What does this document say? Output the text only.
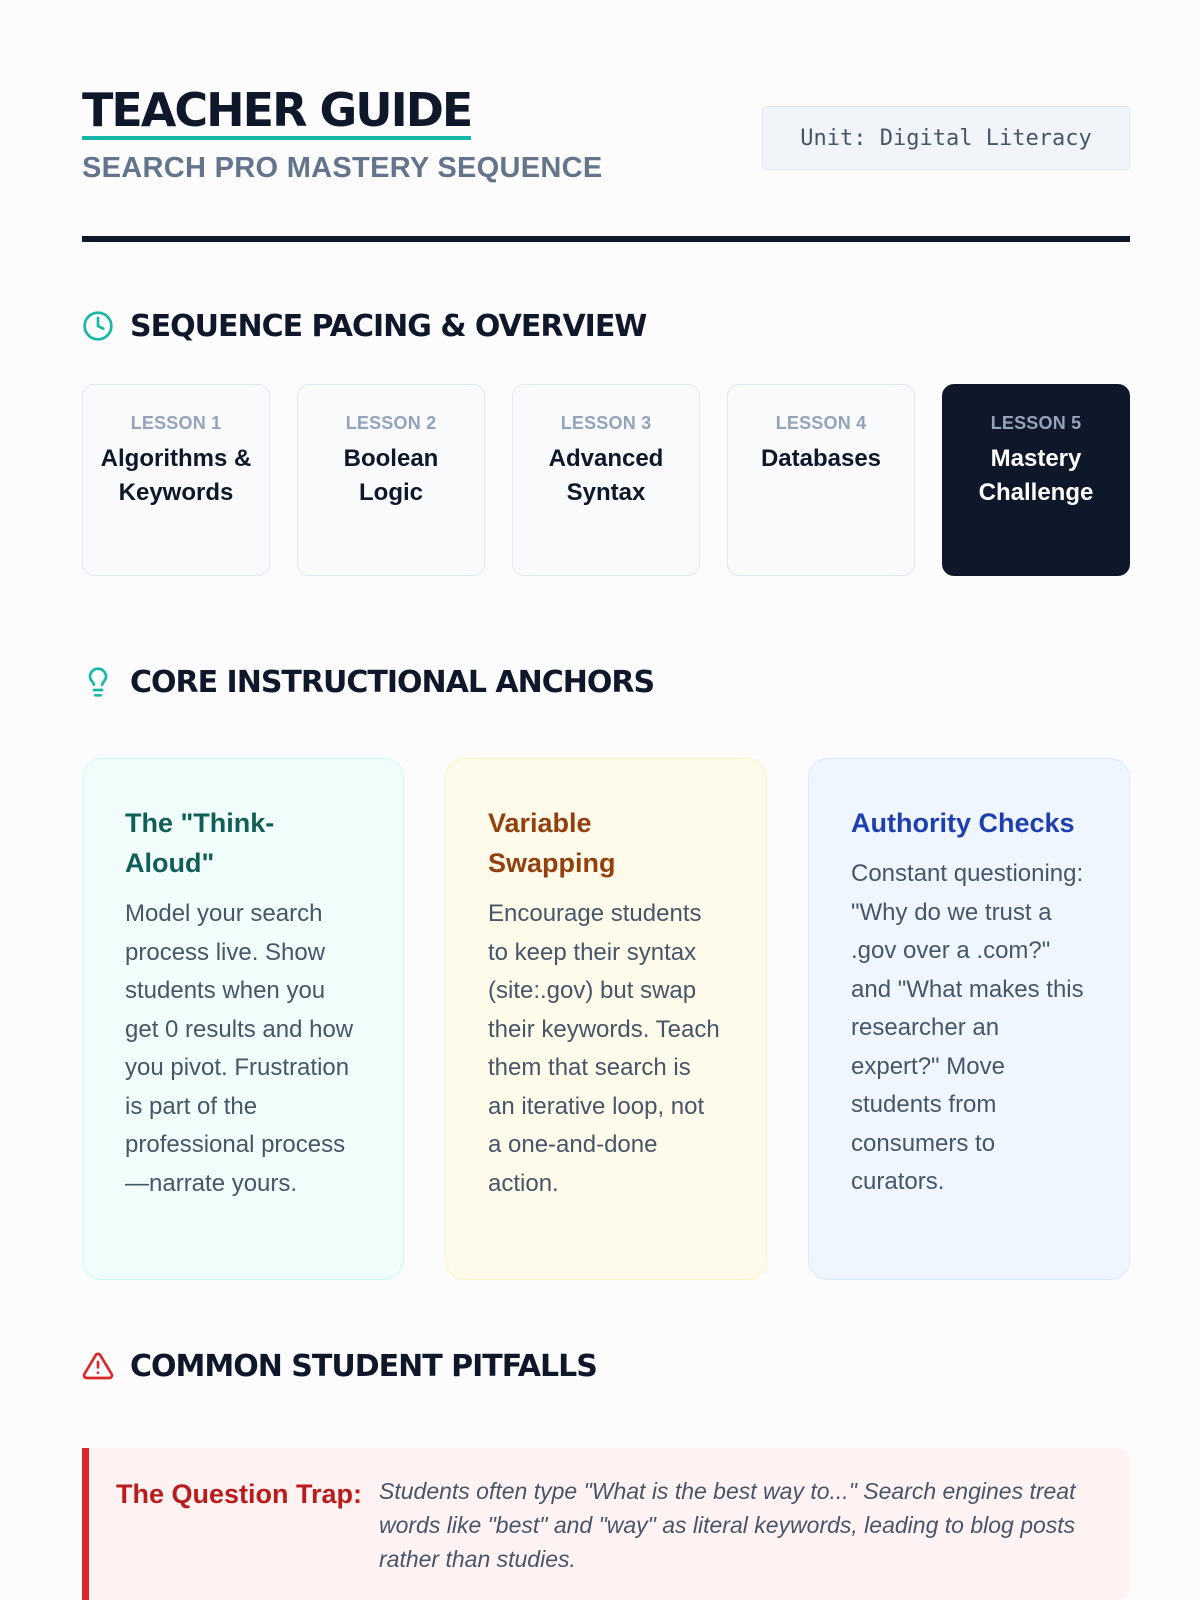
TEACHER GUIDE
SEARCH PRO MASTERY SEQUENCE
Unit: Digital Literacy
SEQUENCE PACING & OVERVIEW
LESSON 1
Algorithms & Keywords
LESSON 2
Boolean Logic
LESSON 3
Advanced Syntax
LESSON 4
Databases
LESSON 5
Mastery Challenge
CORE INSTRUCTIONAL ANCHORS
The "Think-Aloud"

Model your search process live. Show students when you get 0 results and how you pivot. Frustration is part of the professional process—narrate yours.

Variable Swapping

Encourage students to keep their syntax (site:.gov) but swap their keywords. Teach them that search is an iterative loop, not a one-and-done action.

Authority Checks

Constant questioning: "Why do we trust a .gov over a .com?" and "What makes this researcher an expert?" Move students from consumers to curators.

COMMON STUDENT PITFALLS
The Question Trap: Students often type "What is the best way to..." Search engines treat words like "best" and "way" as literal keywords, leading to blog posts rather than studies.
